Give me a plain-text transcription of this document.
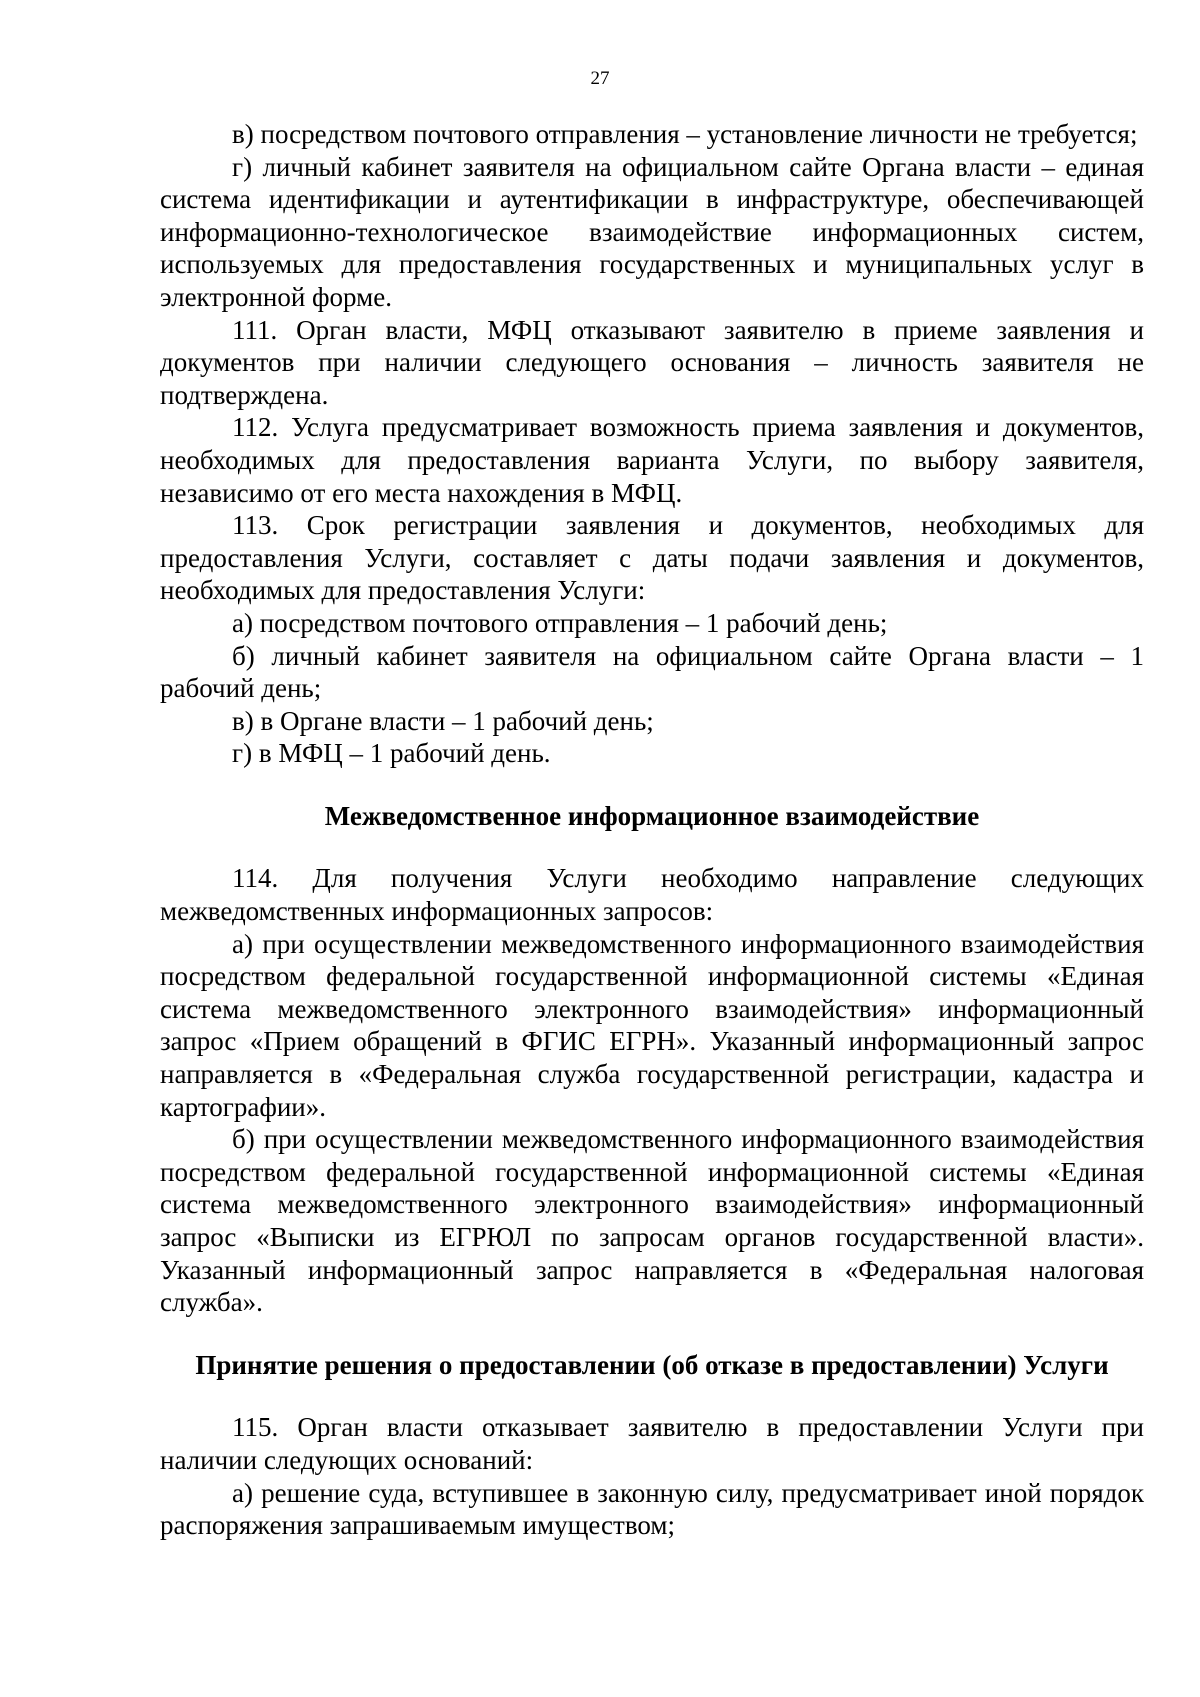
27

в) посредством почтового отправления – установление личности не требуется;

г) личный кабинет заявителя на официальном сайте Органа власти – единая система идентификации и аутентификации в инфраструктуре, обеспечивающей информационно-технологическое взаимодействие информационных систем, используемых для предоставления государственных и муниципальных услуг в электронной форме.

111. Орган власти, МФЦ отказывают заявителю в приеме заявления и документов при наличии следующего основания – личность заявителя не подтверждена.

112. Услуга предусматривает возможность приема заявления и документов, необходимых для предоставления варианта Услуги, по выбору заявителя, независимо от его места нахождения в МФЦ.

113. Срок регистрации заявления и документов, необходимых для предоставления Услуги, составляет с даты подачи заявления и документов, необходимых для предоставления Услуги:

а) посредством почтового отправления – 1 рабочий день;

б) личный кабинет заявителя на официальном сайте Органа власти – 1 рабочий день;

в) в Органе власти – 1 рабочий день;

г) в МФЦ – 1 рабочий день.

Межведомственное информационное взаимодействие

114. Для получения Услуги необходимо направление следующих межведомственных информационных запросов:

а) при осуществлении межведомственного информационного взаимодействия посредством федеральной государственной информационной системы «Единая система межведомственного электронного взаимодействия» информационный запрос «Прием обращений в ФГИС ЕГРН». Указанный информационный запрос направляется в «Федеральная служба государственной регистрации, кадастра и картографии».

б) при осуществлении межведомственного информационного взаимодействия посредством федеральной государственной информационной системы «Единая система межведомственного электронного взаимодействия» информационный запрос «Выписки из ЕГРЮЛ по запросам органов государственной власти». Указанный информационный запрос направляется в «Федеральная налоговая служба».

Принятие решения о предоставлении (об отказе в предоставлении) Услуги

115. Орган власти отказывает заявителю в предоставлении Услуги при наличии следующих оснований:

а) решение суда, вступившее в законную силу, предусматривает иной порядок распоряжения запрашиваемым имуществом;
